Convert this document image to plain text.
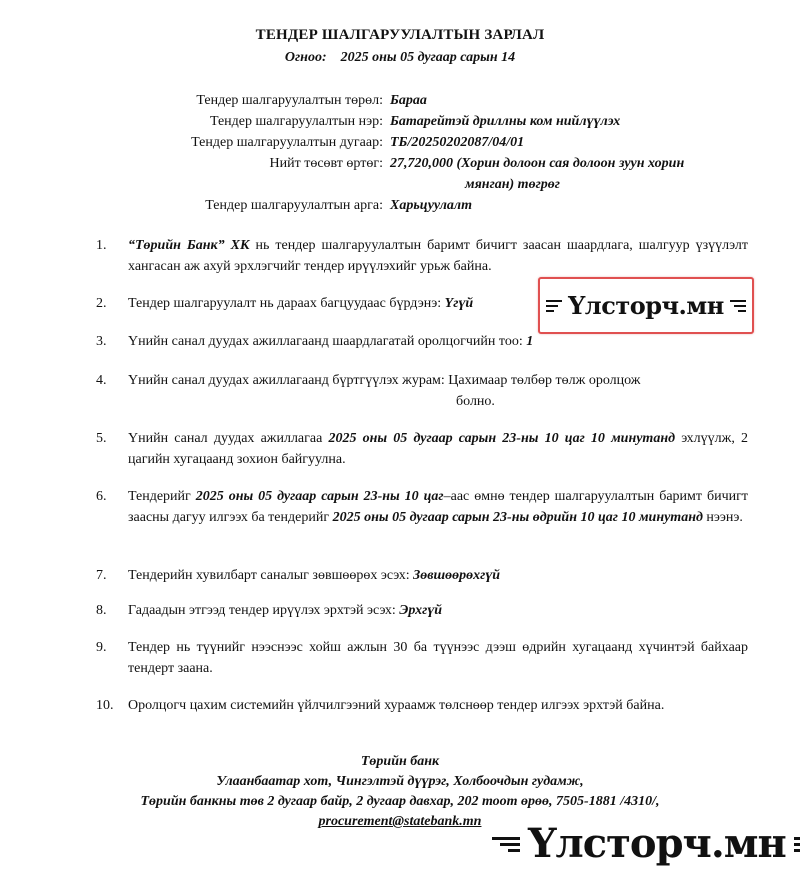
ТЕНДЕР ШАЛГАРУУЛАЛТЫН ЗАРЛАЛ
Огноо: 2025 оны 05 дугаар сарын 14
Тендер шалгаруулалтын төрөл: Бараа
Тендер шалгаруулалтын нэр: Батарейтэй дриллны ком нийлүүлэх
Тендер шалгаруулалтын дугаар: ТБ/20250202087/04/01
Нийт төсөвт өртөг: 27,720,000 (Хорин долоон сая долоон зуун хорин
мянган) төгрөг
Тендер шалгаруулалтын арга: Харьцуулалт
1.	“Төрийн Банк” ХК нь тендер шалгаруулалтын баримт бичигт заасан шаардлага, шалгуур үзүүлэлт хангасан аж ахуй эрхлэгчийг тендер ирүүлэхийг урьж байна.
2.	Тендер шалгаруулалт нь дараах багцуудаас бүрдэнэ: Үгүй
3.	Үнийн санал дуудах ажиллагаанд шаардлагатай оролцогчийн тоо: 1
4.	Үнийн санал дуудах ажиллагаанд бүртгүүлэх журам: Цахимаар төлбөр төлж оролцож
болно.
5.	Үнийн санал дуудах ажиллагаа 2025 оны 05 дугаар сарын 23-ны 10 цаг 10 минутанд эхлүүлж, 2 цагийн хугацаанд зохион байгуулна.
6.	Тендерийг 2025 оны 05 дугаар сарын 23-ны 10 цаг–аас өмнө тендер шалгаруулалтын баримт бичигт заасны дагуу илгээх ба тендерийг 2025 оны 05 дугаар сарын 23-ны өдрийн 10 цаг 10 минутанд нээнэ.
7.	Тендерийн хувилбарт саналыг зөвшөөрөх эсэх: Зөвшөөрөхгүй
8.	Гадаадын этгээд тендер ирүүлэх эрхтэй эсэх: Эрхгүй
9.	Тендер нь түүнийг нээснээс хойш ажлын 30 ба түүнээс дээш өдрийн хугацаанд хүчинтэй байхаар тендерт заана.
10.	Оролцогч цахим системийн үйлчилгээний хураамж төлснөөр тендер илгээх эрхтэй байна.
Үлсторч.мн
Төрийн банк
Улаанбаатар хот, Чингэлтэй дүүрэг, Холбоочдын гудамж,
Төрийн банкны төв 2 дугаар байр, 2 дугаар давхар, 202 тоот өрөө, 7505-1881 /4310/,
procurement@statebank.mn	Үлсторч.мн
